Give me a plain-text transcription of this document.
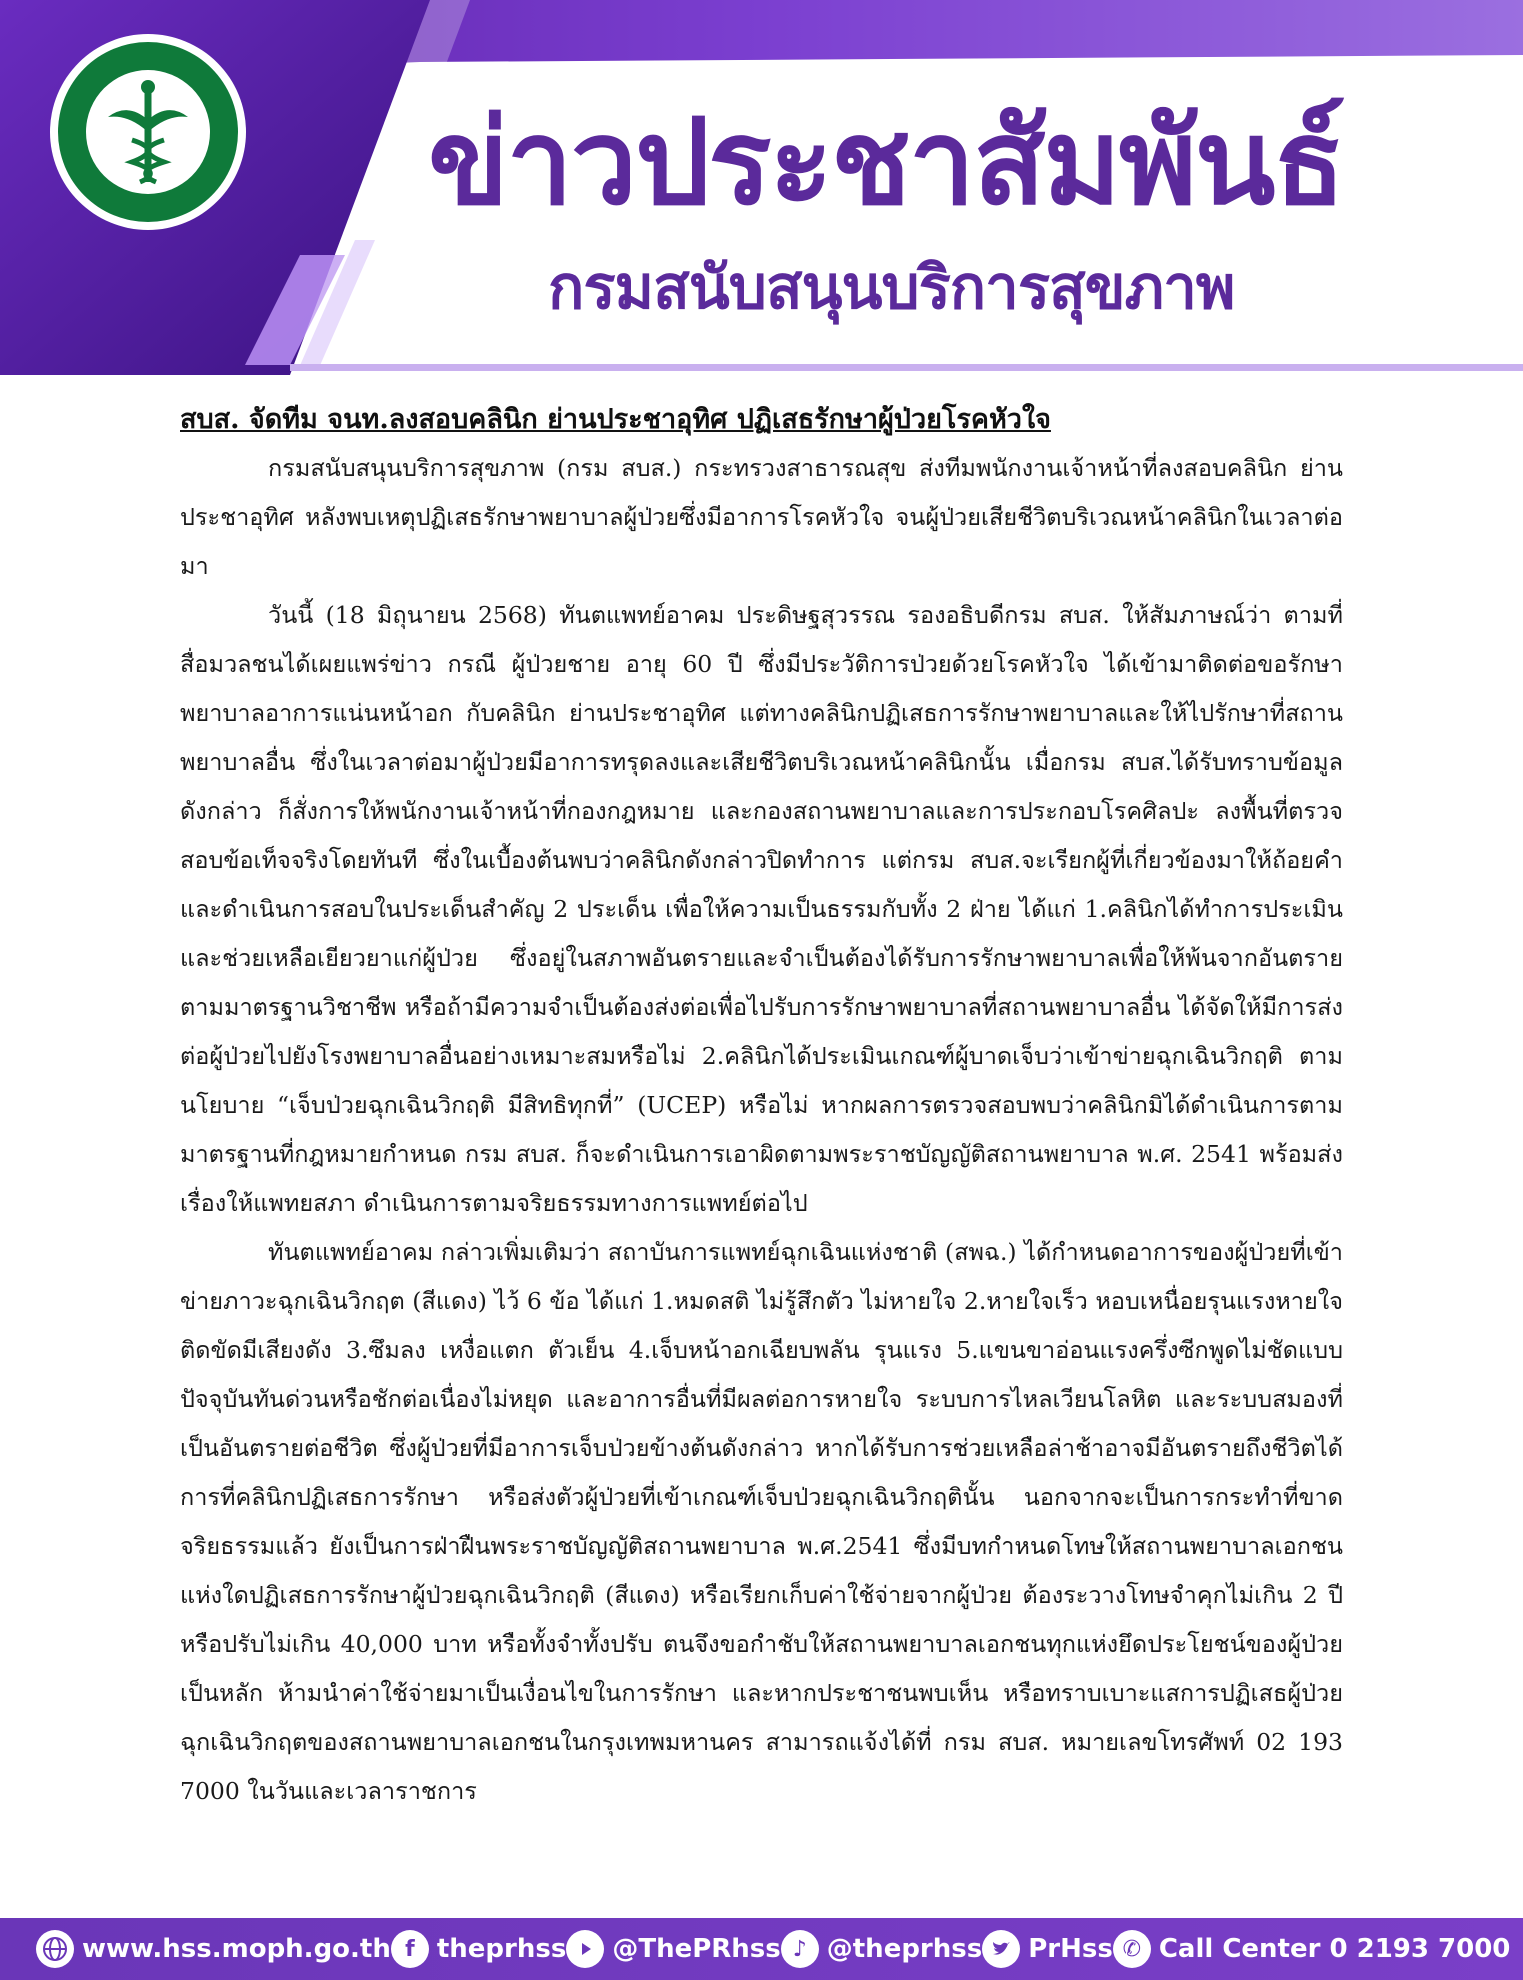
ข่าวประชาสัมพันธ์
กรมสนับสนุนบริการสุขภาพ
สบส. จัดทีม จนท.ลงสอบคลินิก ย่านประชาอุทิศ ปฏิเสธรักษาผู้ป่วยโรคหัวใจ

กรมสนับสนุนบริการสุขภาพ (กรม สบส.) กระทรวงสาธารณสุข ส่งทีมพนักงานเจ้าหน้าที่ลงสอบคลินิก ย่านประชาอุทิศ หลังพบเหตุปฏิเสธรักษาพยาบาลผู้ป่วยซึ่งมีอาการโรคหัวใจ จนผู้ป่วยเสียชีวิตบริเวณหน้าคลินิกในเวลาต่อมา

วันนี้ (18 มิถุนายน 2568) ทันตแพทย์อาคม ประดิษฐสุวรรณ รองอธิบดีกรม สบส. ให้สัมภาษณ์ว่า ตามที่สื่อมวลชนได้เผยแพร่ข่าว กรณี ผู้ป่วยชาย อายุ 60 ปี ซึ่งมีประวัติการป่วยด้วยโรคหัวใจ ได้เข้ามาติดต่อขอรักษาพยาบาลอาการแน่นหน้าอก กับคลินิก ย่านประชาอุทิศ แต่ทางคลินิกปฏิเสธการรักษาพยาบาลและให้ไปรักษาที่สถานพยาบาลอื่น ซึ่งในเวลาต่อมาผู้ป่วยมีอาการทรุดลงและเสียชีวิตบริเวณหน้าคลินิกนั้น เมื่อกรม สบส.ได้รับทราบข้อมูลดังกล่าว ก็สั่งการให้พนักงานเจ้าหน้าที่กองกฎหมาย และกองสถานพยาบาลและการประกอบโรคศิลปะ ลงพื้นที่ตรวจสอบข้อเท็จจริงโดยทันที ซึ่งในเบื้องต้นพบว่าคลินิกดังกล่าวปิดทำการ แต่กรม สบส.จะเรียกผู้ที่เกี่ยวข้องมาให้ถ้อยคำ และดำเนินการสอบในประเด็นสำคัญ 2 ประเด็น เพื่อให้ความเป็นธรรมกับทั้ง 2 ฝ่าย ได้แก่ 1.คลินิกได้ทำการประเมิน และช่วยเหลือเยียวยาแก่ผู้ป่วย ซึ่งอยู่ในสภาพอันตรายและจำเป็นต้องได้รับการรักษาพยาบาลเพื่อให้พ้นจากอันตรายตามมาตรฐานวิชาชีพ หรือถ้ามีความจำเป็นต้องส่งต่อเพื่อไปรับการรักษาพยาบาลที่สถานพยาบาลอื่น ได้จัดให้มีการส่งต่อผู้ป่วยไปยังโรงพยาบาลอื่นอย่างเหมาะสมหรือไม่ 2.คลินิกได้ประเมินเกณฑ์ผู้บาดเจ็บว่าเข้าข่ายฉุกเฉินวิกฤติ ตามนโยบาย “เจ็บป่วยฉุกเฉินวิกฤติ มีสิทธิทุกที่” (UCEP) หรือไม่ หากผลการตรวจสอบพบว่าคลินิกมิได้ดำเนินการตามมาตรฐานที่กฎหมายกำหนด กรม สบส. ก็จะดำเนินการเอาผิดตามพระราชบัญญัติสถานพยาบาล พ.ศ. 2541 พร้อมส่งเรื่องให้แพทยสภา ดำเนินการตามจริยธรรมทางการแพทย์ต่อไป

ทันตแพทย์อาคม กล่าวเพิ่มเติมว่า สถาบันการแพทย์ฉุกเฉินแห่งชาติ (สพฉ.) ได้กำหนดอาการของผู้ป่วยที่เข้าข่ายภาวะฉุกเฉินวิกฤต (สีแดง) ไว้ 6 ข้อ ได้แก่ 1.หมดสติ ไม่รู้สึกตัว ไม่หายใจ 2.หายใจเร็ว หอบเหนื่อยรุนแรงหายใจติดขัดมีเสียงดัง 3.ซึมลง เหงื่อแตก ตัวเย็น 4.เจ็บหน้าอกเฉียบพลัน รุนแรง 5.แขนขาอ่อนแรงครึ่งซีกพูดไม่ชัดแบบปัจจุบันทันด่วนหรือชักต่อเนื่องไม่หยุด และอาการอื่นที่มีผลต่อการหายใจ ระบบการไหลเวียนโลหิต และระบบสมองที่เป็นอันตรายต่อชีวิต ซึ่งผู้ป่วยที่มีอาการเจ็บป่วยข้างต้นดังกล่าว หากได้รับการช่วยเหลือล่าช้าอาจมีอันตรายถึงชีวิตได้ การที่คลินิกปฏิเสธการรักษา หรือส่งตัวผู้ป่วยที่เข้าเกณฑ์เจ็บป่วยฉุกเฉินวิกฤตินั้น นอกจากจะเป็นการกระทำที่ขาดจริยธรรมแล้ว ยังเป็นการฝ่าฝืนพระราชบัญญัติสถานพยาบาล พ.ศ.2541 ซึ่งมีบทกำหนดโทษให้สถานพยาบาลเอกชนแห่งใดปฏิเสธการรักษาผู้ป่วยฉุกเฉินวิกฤติ (สีแดง) หรือเรียกเก็บค่าใช้จ่ายจากผู้ป่วย ต้องระวางโทษจำคุกไม่เกิน 2 ปี หรือปรับไม่เกิน 40,000 บาท หรือทั้งจำทั้งปรับ ตนจึงขอกำชับให้สถานพยาบาลเอกชนทุกแห่งยึดประโยชน์ของผู้ป่วยเป็นหลัก ห้ามนำค่าใช้จ่ายมาเป็นเงื่อนไขในการรักษา และหากประชาชนพบเห็น หรือทราบเบาะแสการปฏิเสธผู้ป่วยฉุกเฉินวิกฤตของสถานพยาบาลเอกชนในกรุงเทพมหานคร สามารถแจ้งได้ที่ กรม สบส. หมายเลขโทรศัพท์ 02 193 7000 ในวันและเวลาราชการ

www.hss.moph.go.th f theprhss @ThePRhss ♪ @theprhss PrHss ✆ Call Center 0 2193 7000
